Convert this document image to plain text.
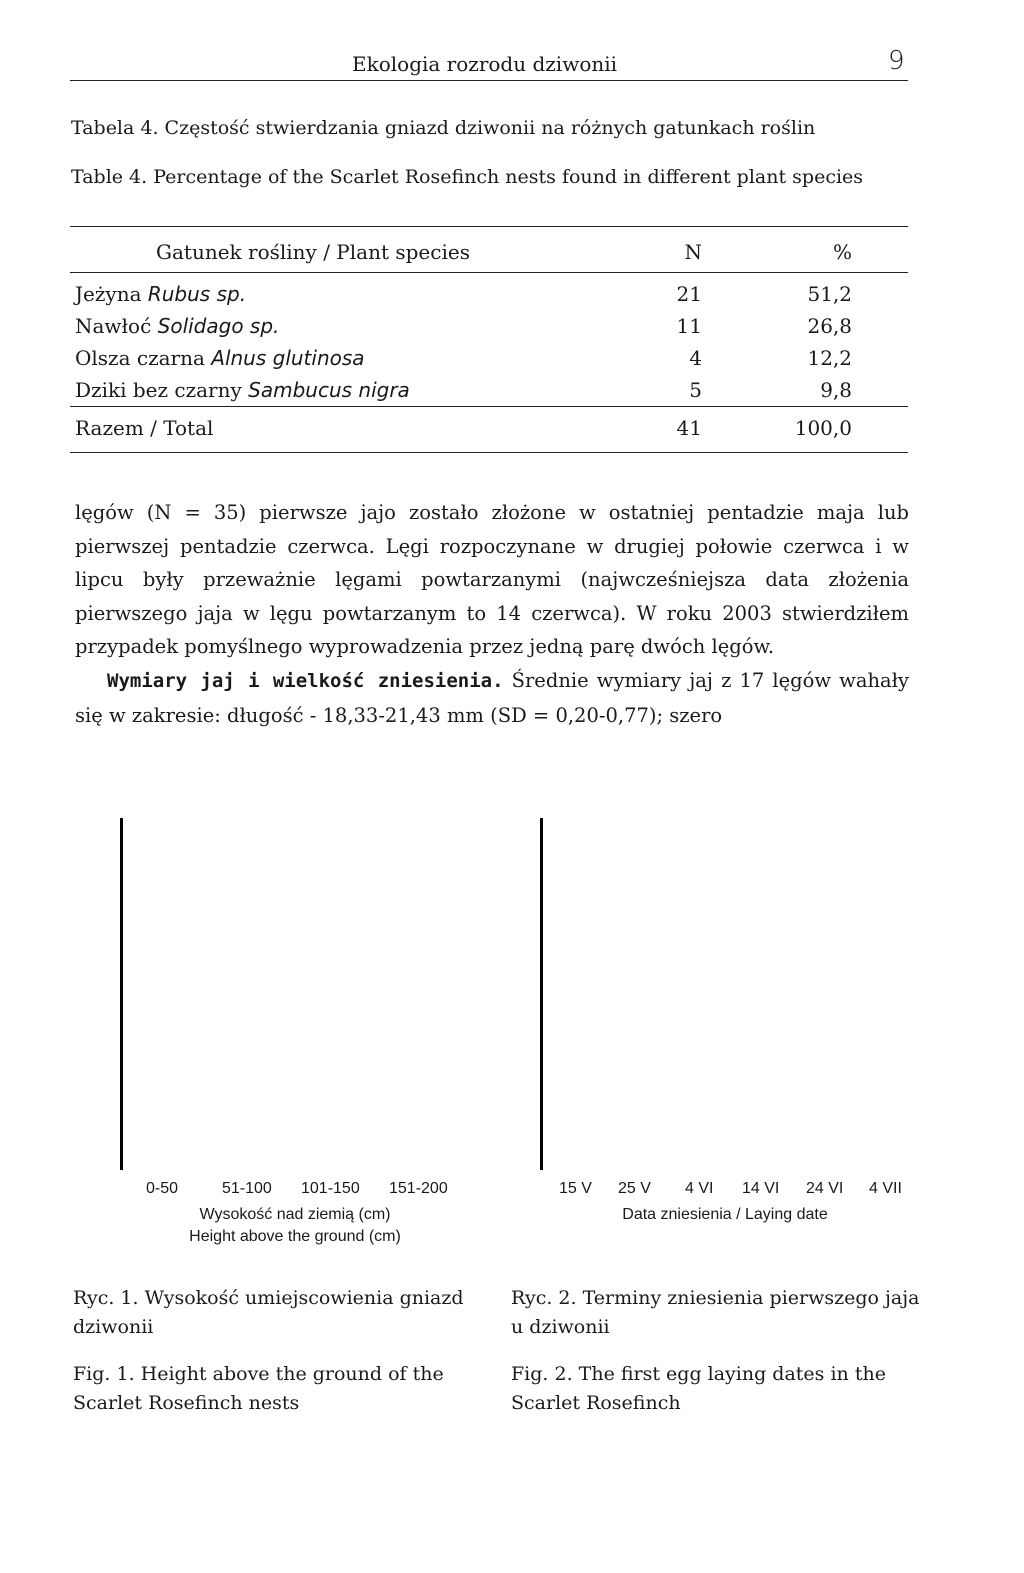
Ekologia rozrodu dziwonii	9
Tabela 4. Częstość stwierdzania gniazd dziwonii na różnych gatunkach roślin
Table 4. Percentage of the Scarlet Rosefinch nests found in different plant species
Gatunek rośliny / Plant species	N	%
Jeżyna Rubus sp.	21	51,2
Nawłoć Solidago sp.	11	26,8
Olsza czarna Alnus glutinosa	4	12,2
Dziki bez czarny Sambucus nigra	5	9,8
Razem / Total	41	100,0

lęgów (N = 35) pierwsze jajo zostało złożone w ostatniej pentadzie maja lub pierwszej pentadzie czerwca. Lęgi rozpoczynane w drugiej połowie czerwca i w lipcu były przeważnie lęgami powtarzanymi (najwcześniejsza data złożenia pierwszego jaja w lęgu powtarzanym to 14 czerwca). W roku 2003 stwierdziłem przypadek pomyślnego wyprowadzenia przez jedną parę dwóch lęgów.

Wymiary jaj i wielkość zniesienia. Średnie wymiary jaj z 17 lęgów wahały się w zakresie: długość - 18,33-21,43 mm (SD = 0,20-0,77); szero

0-50	51-100 101-150 151-200
Wysokość nad ziemią (cm)
Height above the ground (cm)
15 V 25 V 4 VI 14 VI 24 VI 4 VII
Data zniesienia / Laying date
Ryc. 1. Wysokość umiejscowienia gniazd dziwonii
Fig. 1. Height above the ground of the Scarlet Rosefinch nests
Ryc. 2. Terminy zniesienia pierwszego jaja u dziwonii
Fig. 2. The first egg laying dates in the Scarlet Rosefinch
